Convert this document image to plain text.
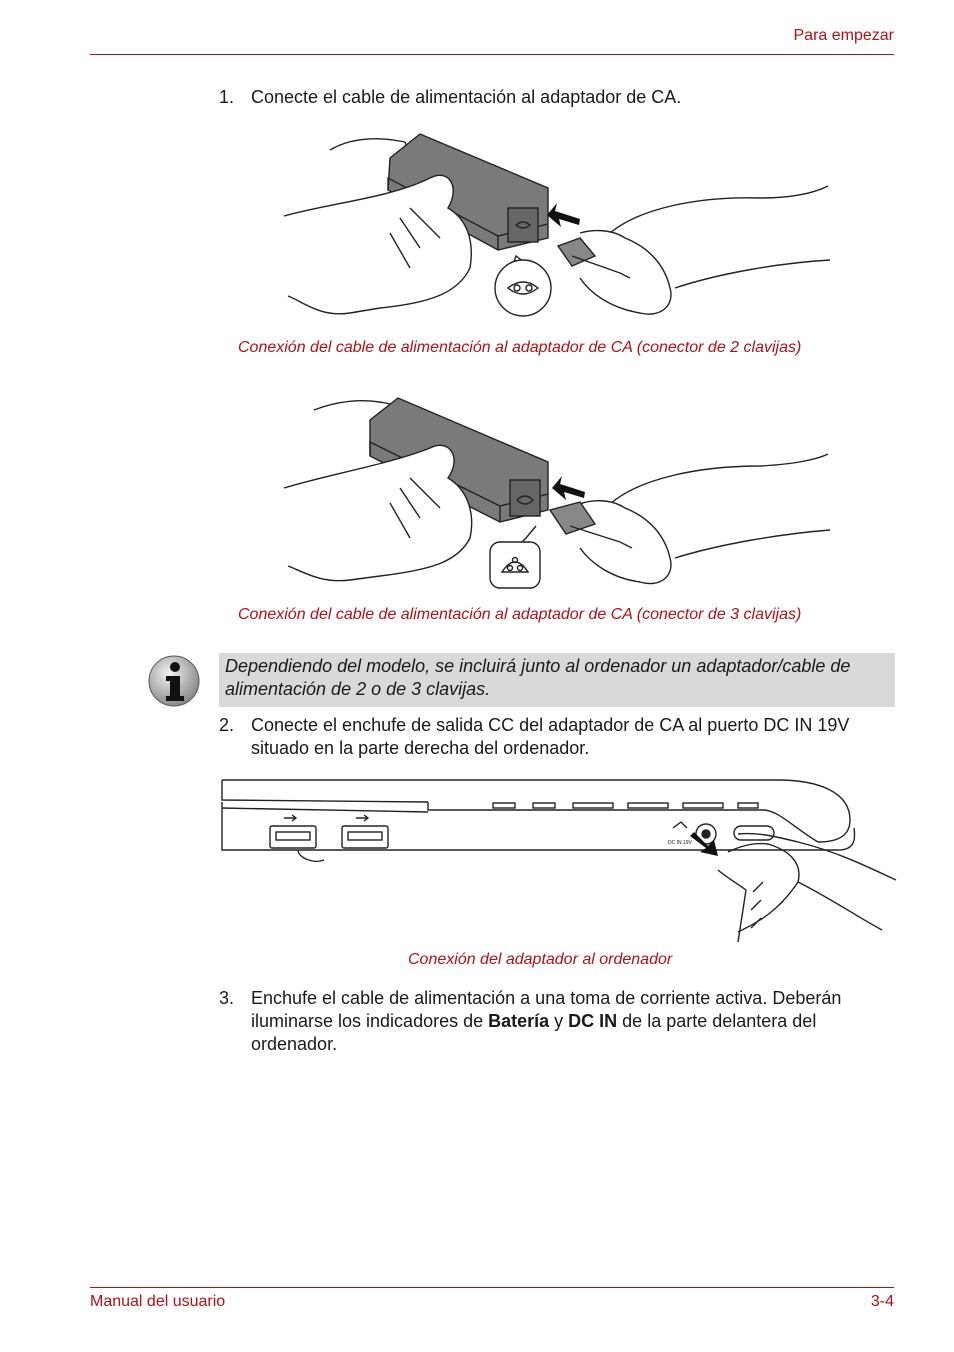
Para empezar
1. Conecte el cable de alimentación al adaptador de CA.
Conexión del cable de alimentación al adaptador de CA (conector de 2 clavijas)
Conexión del cable de alimentación al adaptador de CA (conector de 3 clavijas)
Dependiendo del modelo, se incluirá junto al ordenador un adaptador/cable de alimentación de 2 o de 3 clavijas.
2. Conecte el enchufe de salida CC del adaptador de CA al puerto DC IN 19V situado en la parte derecha del ordenador.
DC IN 19V
Conexión del adaptador al ordenador
3. Enchufe el cable de alimentación a una toma de corriente activa. Deberán iluminarse los indicadores de Batería y DC IN de la parte delantera del ordenador.
Manual del usuario	3-4
